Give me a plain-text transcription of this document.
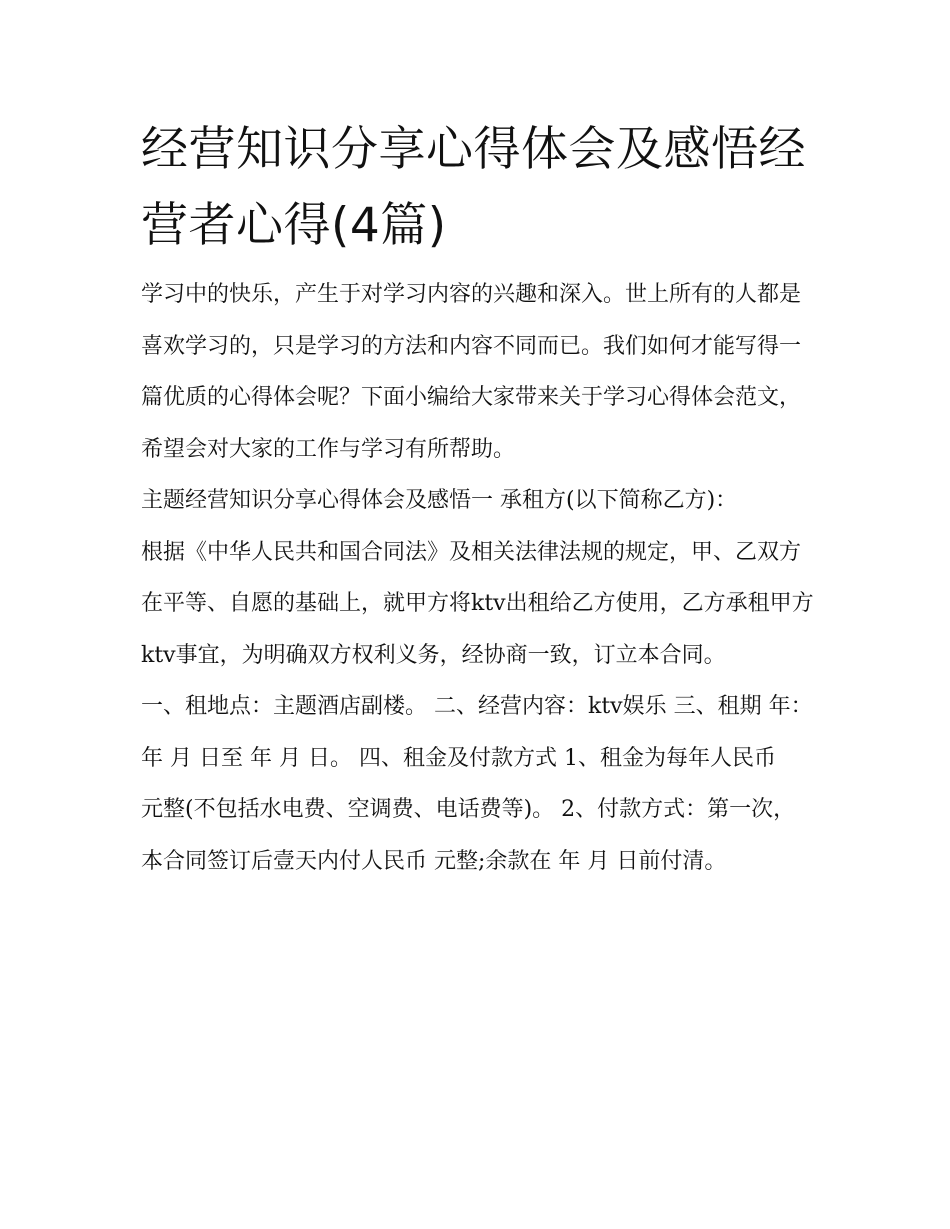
经营知识分享心得体会及感悟经营者心得(4篇)

学习中的快乐，产生于对学习内容的兴趣和深入。世上所有的人都是喜欢学习的，只是学习的方法和内容不同而已。我们如何才能写得一篇优质的心得体会呢？下面小编给大家带来关于学习心得体会范文，希望会对大家的工作与学习有所帮助。

主题经营知识分享心得体会及感悟一 承租方(以下简称乙方)：

根据《中华人民共和国合同法》及相关法律法规的规定，甲、乙双方在平等、自愿的基础上，就甲方将ktv出租给乙方使用，乙方承租甲方ktv事宜，为明确双方权利义务，经协商一致，订立本合同。

一、租地点：主题酒店副楼。 二、经营内容：ktv娱乐 三、租期 年： 年 月 日至 年 月 日。 四、租金及付款方式 1、租金为每年人民币

元整(不包括水电费、空调费、电话费等)。 2、付款方式：第一次，本合同签订后壹天内付人民币 元整;余款在 年 月 日前付清。
